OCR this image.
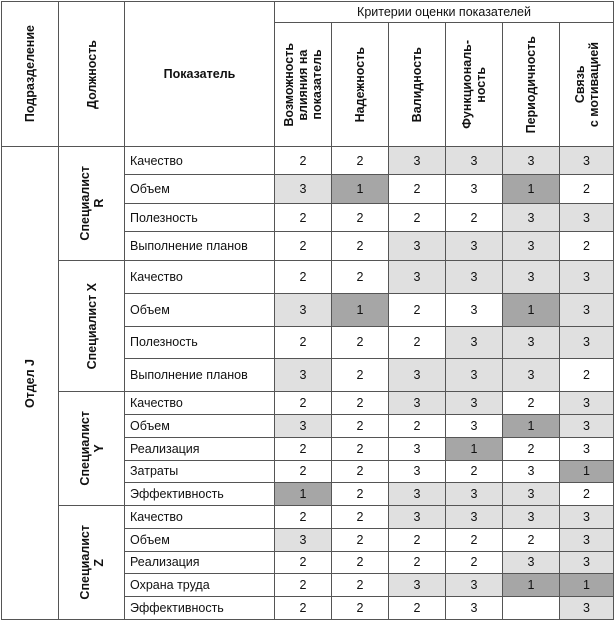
Подразделение	Должность	Показатель	Критерии оценки показателей					

			Возможность
влияния на
показатель	Надежность	Валидность	Функциональ-
ность	Периодичность	Связь
с мотивацией

Отдел J	Специалист
R	Качество	2	2	3	3	3	3
		Объем	3	1	2	3	1	2
		Полезность	2	2	2	2	3	3
		Выполнение планов	2	2	3	3	3	2

	Специалист X	Качество	2	2	3	3	3	3
		Объем	3	1	2	3	1	3
		Полезность	2	2	2	3	3	3
		Выполнение планов	3	2	3	3	3	2

	Специалист
Y	Качество	2	2	3	3	2	3
		Объем	3	2	2	3	1	3
		Реализация	2	2	3	1	2	3
		Затраты	2	2	3	2	3	1
		Эффективность	1	2	3	3	3	2

	Специалист
Z	Качество	2	2	3	3	3	3
		Объем	3	2	2	2	2	3
		Реализация	2	2	2	2	3	3
		Охрана труда	2	2	3	3	1	1
		Эффективность	2	2	2	3		3
